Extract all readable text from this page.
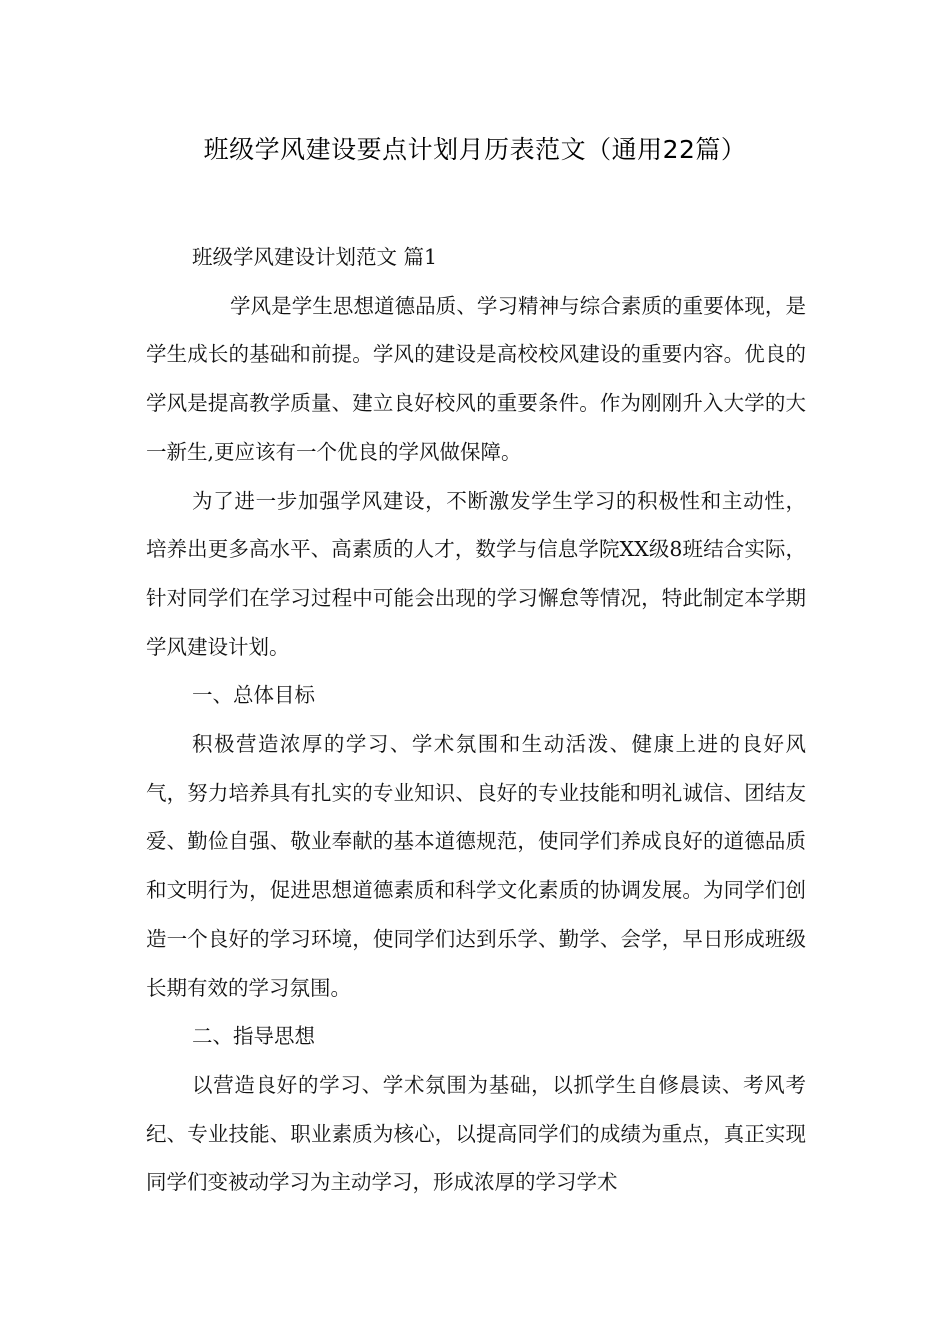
班级学风建设要点计划月历表范文（通用22篇）

班级学风建设计划范文 篇1

学风是学生思想道德品质、学习精神与综合素质的重要体现，是学生成长的基础和前提。学风的建设是高校校风建设的重要内容。优良的学风是提高教学质量、建立良好校风的重要条件。作为刚刚升入大学的大一新生,更应该有一个优良的学风做保障。

为了进一步加强学风建设，不断激发学生学习的积极性和主动性，培养出更多高水平、高素质的人才，数学与信息学院XX级8班结合实际，针对同学们在学习过程中可能会出现的学习懈怠等情况，特此制定本学期学风建设计划。

一、总体目标

积极营造浓厚的学习、学术氛围和生动活泼、健康上进的良好风气，努力培养具有扎实的专业知识、良好的专业技能和明礼诚信、团结友爱、勤俭自强、敬业奉献的基本道德规范，使同学们养成良好的道德品质和文明行为，促进思想道德素质和科学文化素质的协调发展。为同学们创造一个良好的学习环境，使同学们达到乐学、勤学、会学，早日形成班级长期有效的学习氛围。

二、指导思想

以营造良好的学习、学术氛围为基础，以抓学生自修晨读、考风考纪、专业技能、职业素质为核心，以提高同学们的成绩为重点，真正实现同学们变被动学习为主动学习，形成浓厚的学习学术
